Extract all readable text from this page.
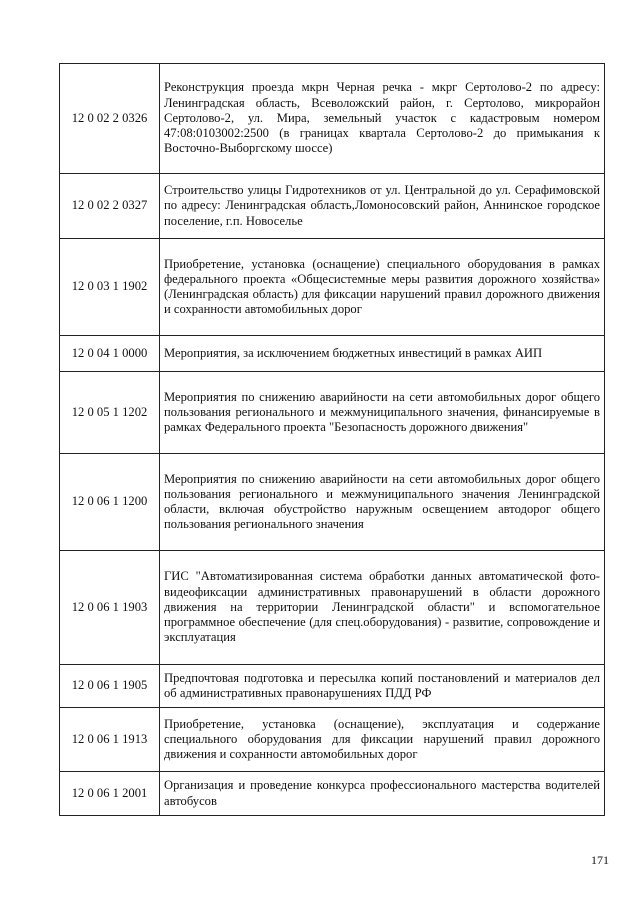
12 0 02 2 0326	Реконструкция проезда мкрн Черная речка - мкрг Сертолово-2 по адресу: Ленинградская область, Всеволожский район, г. Сертолово, микрорайон Сертолово-2, ул. Мира, земельный участок с кадастровым номером 47:08:0103002:2500 (в границах квартала Сертолово-2 до примыкания к Восточно-Выборгскому шоссе)
12 0 02 2 0327	Строительство улицы Гидротехников от ул. Центральной до ул. Серафимовской по адресу: Ленинградская область,Ломоносовский район, Аннинское городское поселение, г.п. Новоселье
12 0 03 1 1902	Приобретение, установка (оснащение) специального оборудования в рамках федерального проекта «Общесистемные меры развития дорожного хозяйства» (Ленинградская область) для фиксации нарушений правил дорожного движения и сохранности автомобильных дорог
12 0 04 1 0000	Мероприятия, за исключением бюджетных инвестиций в рамках АИП
12 0 05 1 1202	Мероприятия по снижению аварийности на сети автомобильных дорог общего пользования регионального и межмуниципального значения, финансируемые в рамках Федерального проекта "Безопасность дорожного движения"
12 0 06 1 1200	Мероприятия по снижению аварийности на сети автомобильных дорог общего пользования регионального и межмуниципального значения Ленинградской области, включая обустройство наружным освещением автодорог общего пользования регионального значения
12 0 06 1 1903	ГИС "Автоматизированная система обработки данных автоматической фото-видеофиксации административных правонарушений в области дорожного движения на территории Ленинградской области" и вспомогательное программное обеспечение (для спец.оборудования) - развитие, сопровождение и эксплуатация
12 0 06 1 1905	Предпочтовая подготовка и пересылка копий постановлений и материалов дел об административных правонарушениях ПДД РФ
12 0 06 1 1913	Приобретение, установка (оснащение), эксплуатация и содержание специального оборудования для фиксации нарушений правил дорожного движения и сохранности автомобильных дорог
12 0 06 1 2001	Организация и проведение конкурса профессионального мастерства водителей автобусов
171
